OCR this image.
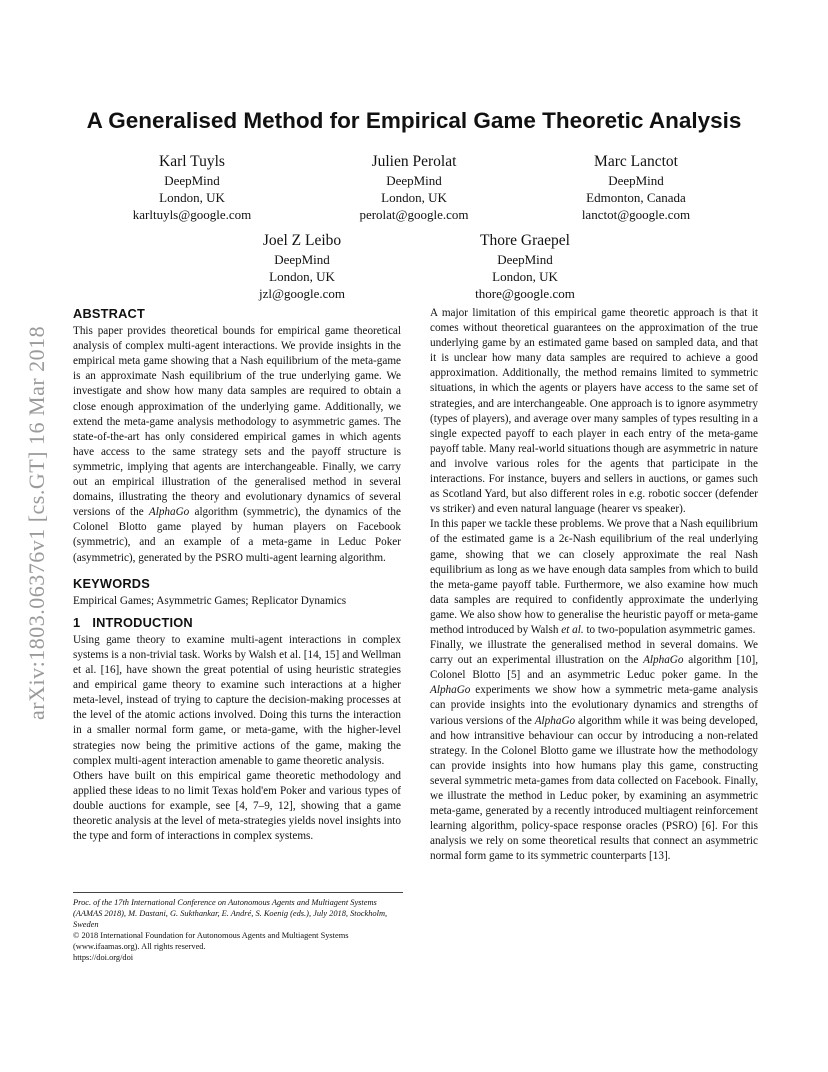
arXiv:1803.06376v1 [cs.GT] 16 Mar 2018
A Generalised Method for Empirical Game Theoretic Analysis
Karl Tuyls
DeepMind
London, UK
karltuyls@google.com
Julien Perolat
DeepMind
London, UK
perolat@google.com
Marc Lanctot
DeepMind
Edmonton, Canada
lanctot@google.com
Joel Z Leibo
DeepMind
London, UK
jzl@google.com
Thore Graepel
DeepMind
London, UK
thore@google.com
ABSTRACT

This paper provides theoretical bounds for empirical game theoretical analysis of complex multi-agent interactions. We provide insights in the empirical meta game showing that a Nash equilibrium of the meta-game is an approximate Nash equilibrium of the true underlying game. We investigate and show how many data samples are required to obtain a close enough approximation of the underlying game. Additionally, we extend the meta-game analysis methodology to asymmetric games. The state-of-the-art has only considered empirical games in which agents have access to the same strategy sets and the payoff structure is symmetric, implying that agents are interchangeable. Finally, we carry out an empirical illustration of the generalised method in several domains, illustrating the theory and evolutionary dynamics of several versions of the AlphaGo algorithm (symmetric), the dynamics of the Colonel Blotto game played by human players on Facebook (symmetric), and an example of a meta-game in Leduc Poker (asymmetric), generated by the PSRO multi-agent learning algorithm.

KEYWORDS

Empirical Games; Asymmetric Games; Replicator Dynamics

1 INTRODUCTION

Using game theory to examine multi-agent interactions in complex systems is a non-trivial task. Works by Walsh et al. [14, 15] and Wellman et al. [16], have shown the great potential of using heuristic strategies and empirical game theory to examine such interactions at a higher meta-level, instead of trying to capture the decision-making processes at the level of the atomic actions involved. Doing this turns the interaction in a smaller normal form game, or meta-game, with the higher-level strategies now being the primitive actions of the game, making the complex multi-agent interaction amenable to game theoretic analysis.

Others have built on this empirical game theoretic methodology and applied these ideas to no limit Texas hold'em Poker and various types of double auctions for example, see [4, 7–9, 12], showing that a game theoretic analysis at the level of meta-strategies yields novel insights into the type and form of interactions in complex systems.

A major limitation of this empirical game theoretic approach is that it comes without theoretical guarantees on the approximation of the true underlying game by an estimated game based on sampled data, and that it is unclear how many data samples are required to achieve a good approximation. Additionally, the method remains limited to symmetric situations, in which the agents or players have access to the same set of strategies, and are interchangeable. One approach is to ignore asymmetry (types of players), and average over many samples of types resulting in a single expected payoff to each player in each entry of the meta-game payoff table. Many real-world situations though are asymmetric in nature and involve various roles for the agents that participate in the interactions. For instance, buyers and sellers in auctions, or games such as Scotland Yard, but also different roles in e.g. robotic soccer (defender vs striker) and even natural language (hearer vs speaker).

In this paper we tackle these problems. We prove that a Nash equilibrium of the estimated game is a 2ϵ-Nash equilibrium of the real underlying game, showing that we can closely approximate the real Nash equilibrium as long as we have enough data samples from which to build the meta-game payoff table. Furthermore, we also examine how much data samples are required to confidently approximate the underlying game. We also show how to generalise the heuristic payoff or meta-game method introduced by Walsh et al. to two-population asymmetric games.

Finally, we illustrate the generalised method in several domains. We carry out an experimental illustration on the AlphaGo algorithm [10], Colonel Blotto [5] and an asymmetric Leduc poker game. In the AlphaGo experiments we show how a symmetric meta-game analysis can provide insights into the evolutionary dynamics and strengths of various versions of the AlphaGo algorithm while it was being developed, and how intransitive behaviour can occur by introducing a non-related strategy. In the Colonel Blotto game we illustrate how the methodology can provide insights into how humans play this game, constructing several symmetric meta-games from data collected on Facebook. Finally, we illustrate the method in Leduc poker, by examining an asymmetric meta-game, generated by a recently introduced multiagent reinforcement learning algorithm, policy-space response oracles (PSRO) [6]. For this analysis we rely on some theoretical results that connect an asymmetric normal form game to its symmetric counterparts [13].

Proc. of the 17th International Conference on Autonomous Agents and Multiagent Systems (AAMAS 2018), M. Dastani, G. Sukthankar, E. André, S. Koenig (eds.), July 2018, Stockholm, Sweden

© 2018 International Foundation for Autonomous Agents and Multiagent Systems (www.ifaamas.org). All rights reserved.

https://doi.org/doi
